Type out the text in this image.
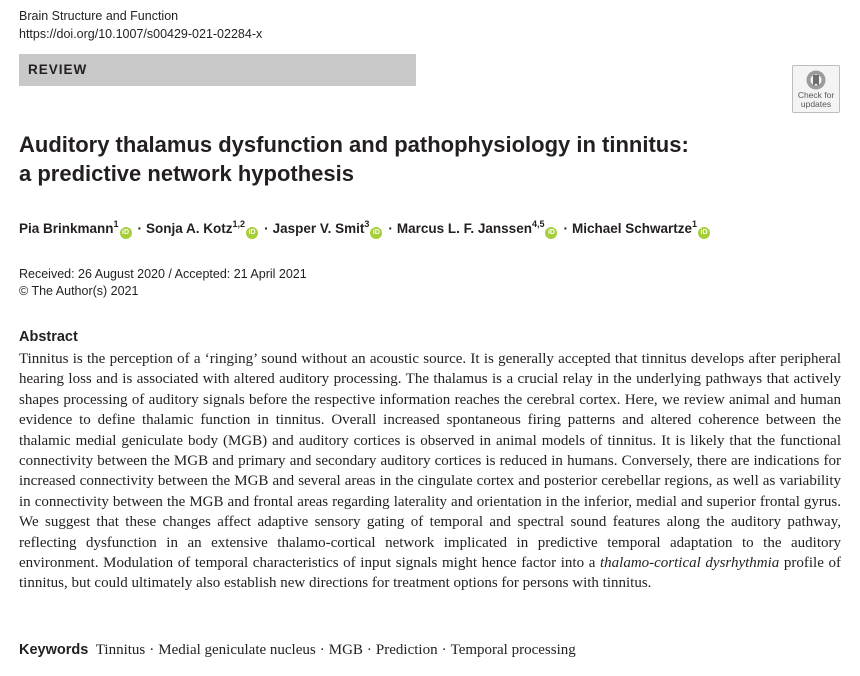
Brain Structure and Function
https://doi.org/10.1007/s00429-021-02284-x
REVIEW
Check for updates
Auditory thalamus dysfunction and pathophysiology in tinnitus:
a predictive network hypothesis
Pia Brinkmann$^1$iD · Sonja A. Kotz$^{1,2}$iD · Jasper V. Smit$^3$iD · Marcus L. F. Janssen$^{4,5}$iD · Michael Schwartze$^1$iD
Received: 26 August 2020 / Accepted: 21 April 2021
© The Author(s) 2021
Abstract
Tinnitus is the perception of a ‘ringing’ sound without an acoustic source. It is generally accepted that tinnitus develops after peripheral hearing loss and is associated with altered auditory processing. The thalamus is a crucial relay in the underlying pathways that actively shapes processing of auditory signals before the respective information reaches the cerebral cortex. Here, we review animal and human evidence to define thalamic function in tinnitus. Overall increased spontaneous firing patterns and altered coherence between the thalamic medial geniculate body (MGB) and auditory cortices is observed in animal models of tinnitus. It is likely that the functional connectivity between the MGB and primary and secondary auditory cortices is reduced in humans. Conversely, there are indications for increased connectivity between the MGB and several areas in the cingulate cortex and posterior cerebellar regions, as well as variability in connectivity between the MGB and frontal areas regarding laterality and orientation in the inferior, medial and superior frontal gyrus. We suggest that these changes affect adaptive sensory gating of temporal and spectral sound features along the auditory pathway, reflecting dysfunction in an extensive thalamo-cortical network implicated in predictive temporal adaptation to the auditory environment. Modulation of temporal characteristics of input signals might hence factor into a thalamo-cortical dysrhythmia profile of tinnitus, but could ultimately also establish new directions for treatment options for persons with tinnitus.
Keywords Tinnitus · Medial geniculate nucleus · MGB · Prediction · Temporal processing
